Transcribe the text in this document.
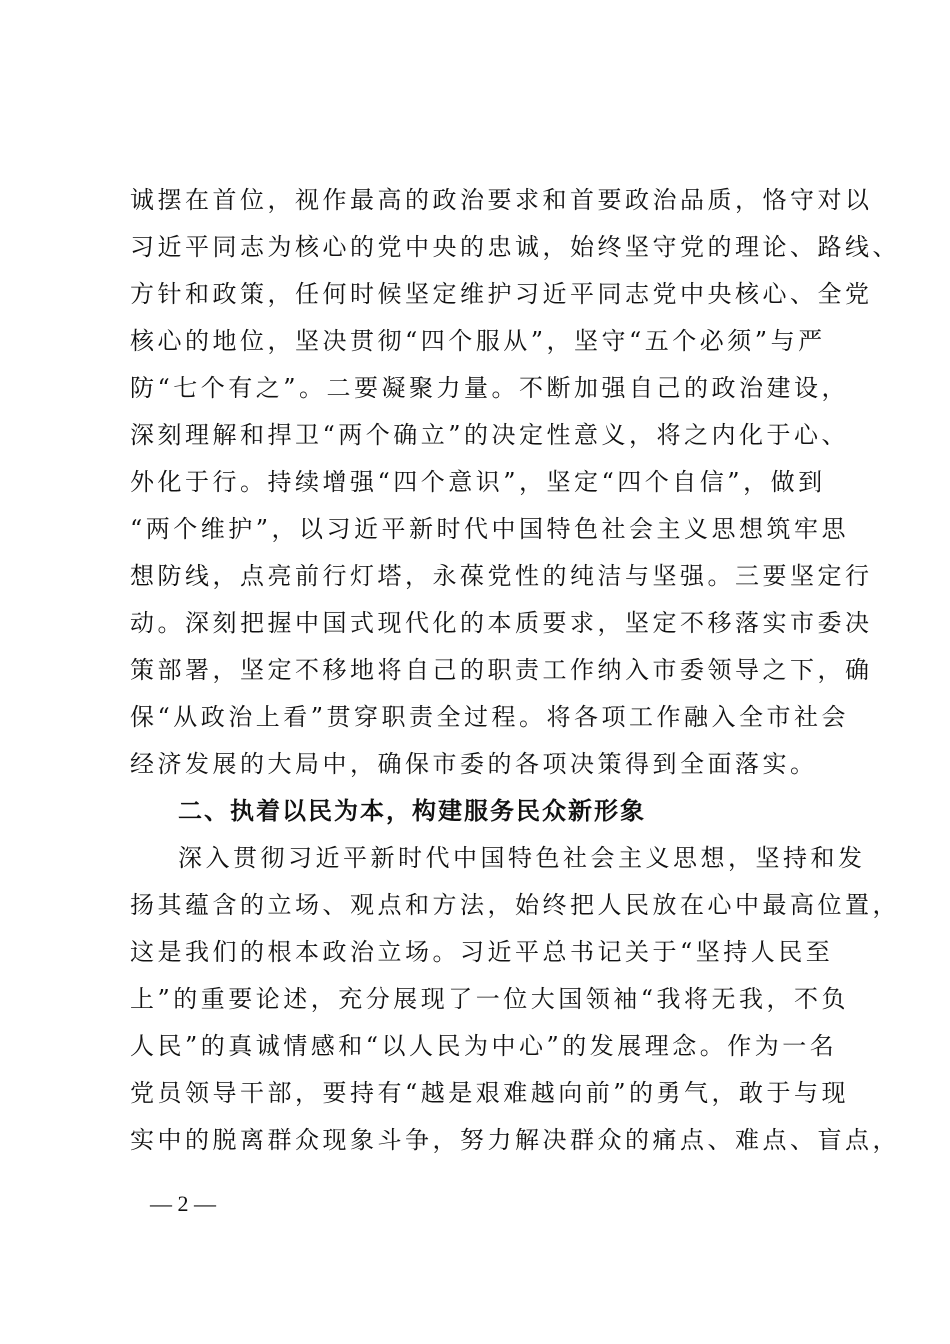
诚摆在首位，视作最高的政治要求和首要政治品质，恪守对以
习近平同志为核心的党中央的忠诚，始终坚守党的理论、路线、
方针和政策，任何时候坚定维护习近平同志党中央核心、全党
核心的地位，坚决贯彻“四个服从”，坚守“五个必须”与严
防“七个有之”。二要凝聚力量。不断加强自己的政治建设，
深刻理解和捍卫“两个确立”的决定性意义，将之内化于心、
外化于行。持续增强“四个意识”，坚定“四个自信”，做到
“两个维护”，以习近平新时代中国特色社会主义思想筑牢思
想防线，点亮前行灯塔，永葆党性的纯洁与坚强。三要坚定行
动。深刻把握中国式现代化的本质要求，坚定不移落实市委决
策部署，坚定不移地将自己的职责工作纳入市委领导之下，确
保“从政治上看”贯穿职责全过程。将各项工作融入全市社会
经济发展的大局中，确保市委的各项决策得到全面落实。
二、执着以民为本，构建服务民众新形象
深入贯彻习近平新时代中国特色社会主义思想，坚持和发
扬其蕴含的立场、观点和方法，始终把人民放在心中最高位置，
这是我们的根本政治立场。习近平总书记关于“坚持人民至
上”的重要论述，充分展现了一位大国领袖“我将无我，不负
人民”的真诚情感和“以人民为中心”的发展理念。作为一名
党员领导干部，要持有“越是艰难越向前”的勇气，敢于与现
实中的脱离群众现象斗争，努力解决群众的痛点、难点、盲点，
— 2 —
